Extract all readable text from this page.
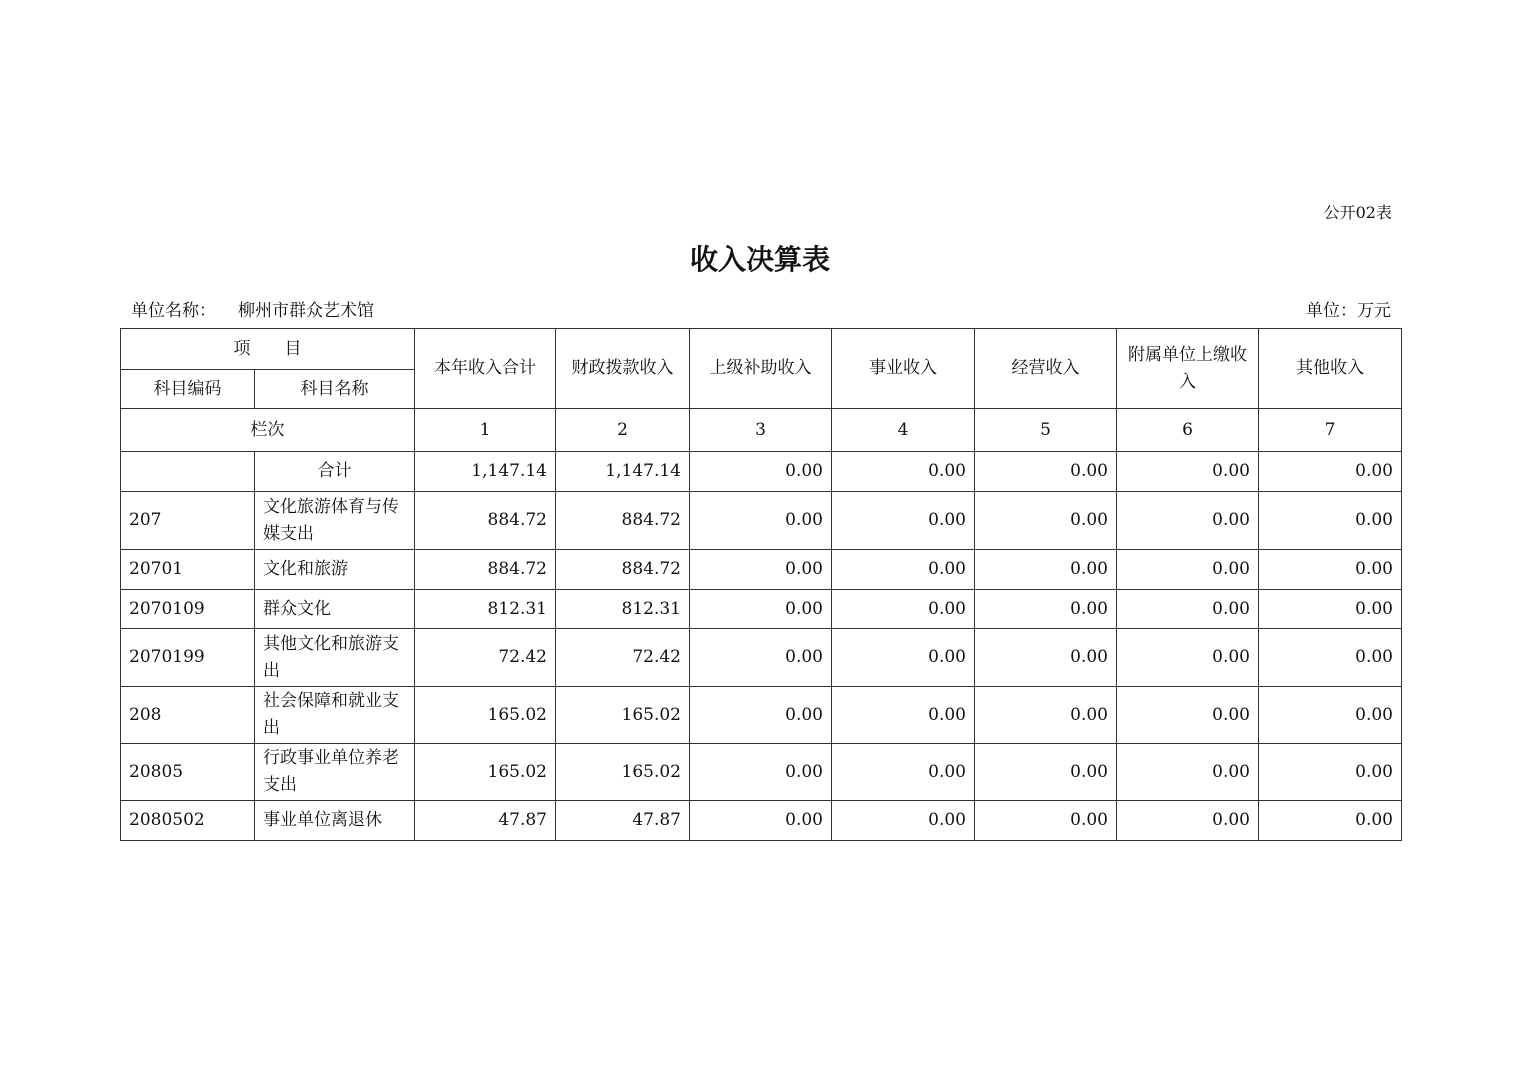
公开02表
收入决算表
单位名称： 柳州市群众艺术馆	单位：万元
项　　目		本年收入合计	财政拨款收入	上级补助收入	事业收入	经营收入	附属单位上缴收入	其他收入
科目编码	科目名称							
栏次		1	2	3	4	5	6	7
	合计	1,147.14	1,147.14	0.00	0.00	0.00	0.00	0.00
207	文化旅游体育与传媒支出	884.72	884.72	0.00	0.00	0.00	0.00	0.00
20701	文化和旅游	884.72	884.72	0.00	0.00	0.00	0.00	0.00
2070109	群众文化	812.31	812.31	0.00	0.00	0.00	0.00	0.00
2070199	其他文化和旅游支出	72.42	72.42	0.00	0.00	0.00	0.00	0.00
208	社会保障和就业支出	165.02	165.02	0.00	0.00	0.00	0.00	0.00
20805	行政事业单位养老支出	165.02	165.02	0.00	0.00	0.00	0.00	0.00
2080502	事业单位离退休	47.87	47.87	0.00	0.00	0.00	0.00	0.00
